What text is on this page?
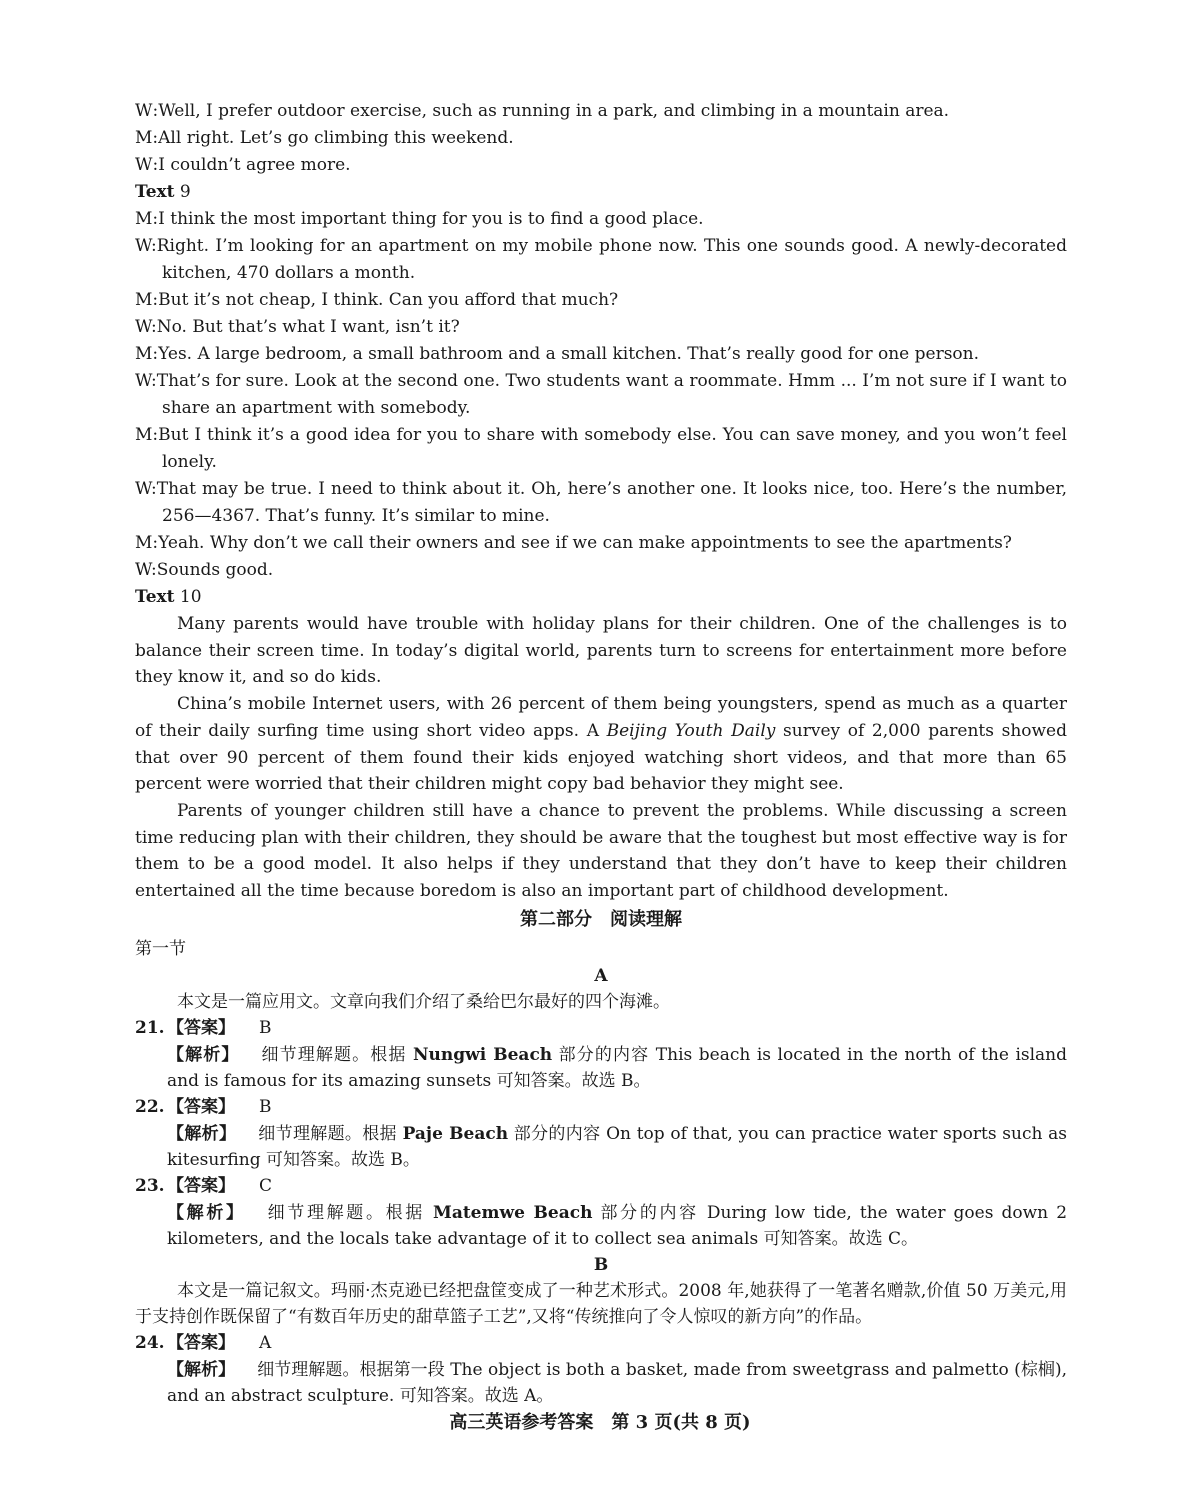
W : Well, I prefer outdoor exercise, such as running in a park, and climbing in a mountain area.
M : All right. Let’s go climbing this weekend.
W : I couldn’t agree more.
Text 9
M:I think the most important thing for you is to find a good place.
W:Right. I’m looking for an apartment on my mobile phone now. This one sounds good. A newly-decorated kitchen, 470 dollars a month.
M:But it’s not cheap, I think. Can you afford that much?
W:No. But that’s what I want, isn’t it?
M:Yes. A large bedroom, a small bathroom and a small kitchen. That’s really good for one person.
W:That’s for sure. Look at the second one. Two students want a roommate. Hmm ... I’m not sure if I want to share an apartment with somebody.
M:But I think it’s a good idea for you to share with somebody else. You can save money, and you won’t feel lonely.
W:That may be true. I need to think about it. Oh, here’s another one. It looks nice, too. Here’s the number, 256—4367. That’s funny. It’s similar to mine.
M:Yeah. Why don’t we call their owners and see if we can make appointments to see the apartments?
W:Sounds good.
Text 10
Many parents would have trouble with holiday plans for their children. One of the challenges is to balance their screen time. In today’s digital world, parents turn to screens for entertainment more before they know it, and so do kids.
China’s mobile Internet users, with 26 percent of them being youngsters, spend as much as a quarter of their daily surfing time using short video apps. A Beijing Youth Daily survey of 2,000 parents showed that over 90 percent of them found their kids enjoyed watching short videos, and that more than 65 percent were worried that their children might copy bad behavior they might see.
Parents of younger children still have a chance to prevent the problems. While discussing a screen time reducing plan with their children, they should be aware that the toughest but most effective way is for them to be a good model. It also helps if they understand that they don’t have to keep their children entertained all the time because boredom is also an important part of childhood development.
第二部分　阅读理解
第一节
A
本文是一篇应用文。文章向我们介绍了桑给巴尔最好的四个海滩。
21. 【答案】	B
【解析】 细节理解题。根据 Nungwi Beach 部分的内容 This beach is located in the north of the island and is famous for its amazing sunsets 可知答案。故选 B。
22. 【答案】	B
【解析】 细节理解题。根据 Paje Beach 部分的内容 On top of that, you can practice water sports such as kitesurfing 可知答案。故选 B。
23. 【答案】	C
【解析】 细节理解题。根据 Matemwe Beach 部分的内容 During low tide, the water goes down 2 kilometers, and the locals take advantage of it to collect sea animals 可知答案。故选 C。
B
本文是一篇记叙文。玛丽·杰克逊已经把盘筐变成了一种艺术形式。2008 年,她获得了一笔著名赠款,价值 50 万美元,用于支持创作既保留了“有数百年历史的甜草篮子工艺”,又将“传统推向了令人惊叹的新方向”的作品。
24. 【答案】	A
【解析】 细节理解题。根据第一段 The object is both a basket, made from sweetgrass and palmetto (棕榈), and an abstract sculpture. 可知答案。故选 A。
高三英语参考答案　第 3 页(共 8 页)
